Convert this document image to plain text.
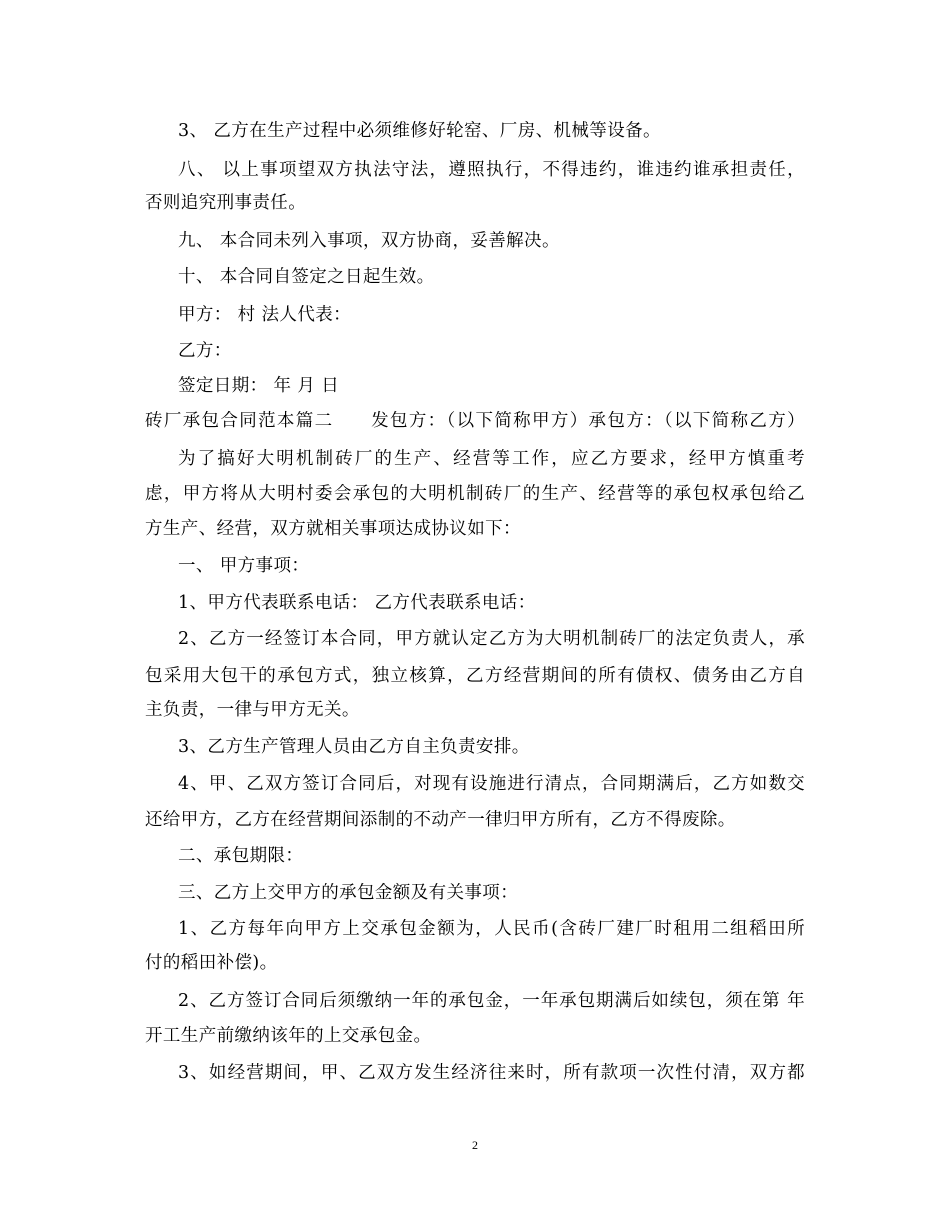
3、 乙方在生产过程中必须维修好轮窑、厂房、机械等设备。
八、 以上事项望双方执法守法，遵照执行，不得违约，谁违约谁承担责任，
否则追究刑事责任。
九、 本合同未列入事项，双方协商，妥善解决。
十、 本合同自签定之日起生效。
甲方： 村 法人代表：
乙方：
签定日期： 年 月 日
砖厂承包合同范本篇二　　发包方：（以下简称甲方）承包方：（以下简称乙方）
为了搞好大明机制砖厂的生产、经营等工作，应乙方要求，经甲方慎重考
虑，甲方将从大明村委会承包的大明机制砖厂的生产、经营等的承包权承包给乙
方生产、经营，双方就相关事项达成协议如下：
一、 甲方事项：
1、甲方代表联系电话： 乙方代表联系电话：
2、乙方一经签订本合同，甲方就认定乙方为大明机制砖厂的法定负责人，承
包采用大包干的承包方式，独立核算，乙方经营期间的所有债权、债务由乙方自
主负责，一律与甲方无关。
3、乙方生产管理人员由乙方自主负责安排。
4、甲、乙双方签订合同后，对现有设施进行清点，合同期满后，乙方如数交
还给甲方，乙方在经营期间添制的不动产一律归甲方所有，乙方不得废除。
二、承包期限：
三、乙方上交甲方的承包金额及有关事项：
1、乙方每年向甲方上交承包金额为，人民币(含砖厂建厂时租用二组稻田所
付的稻田补偿)。
2、乙方签订合同后须缴纳一年的承包金，一年承包期满后如续包，须在第 年
开工生产前缴纳该年的上交承包金。
3、如经营期间，甲、乙双方发生经济往来时，所有款项一次性付清，双方都
2
